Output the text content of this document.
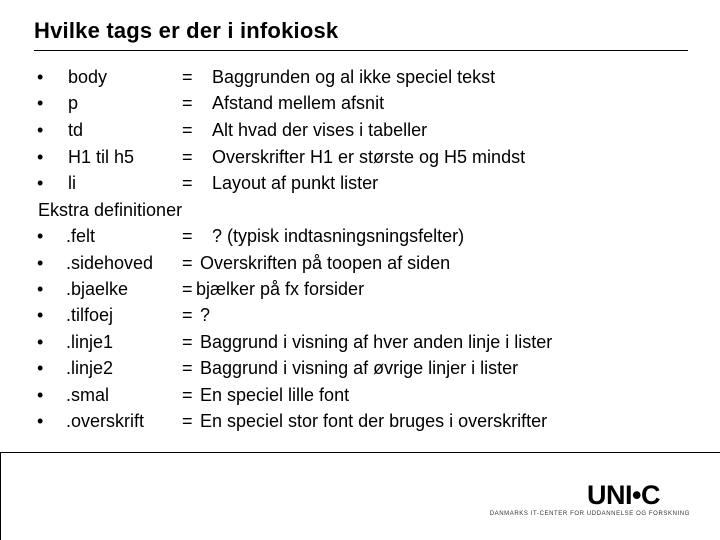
Hvilke tags er der i infokiosk
• body	= Baggrunden og al ikke speciel tekst
• p	= Afstand mellem afsnit
• td	= Alt hvad der vises i tabeller
• H1 til h5	= Overskrifter H1 er største og H5 mindst
• li	= Layout af punkt lister
Ekstra definitioner
• .felt	= ? (typisk indtasningsningsfelter)
• .sidehoved = Overskriften på toopen af siden
• .bjaelke	= bjælker på fx forsider
• .tilfoej	= ?
• .linje1	= Baggrund i visning af hver anden linje i lister
• .linje2	= Baggrund i visning af øvrige linjer i lister
• .smal	= En speciel lille font
• .overskrift = En speciel stor font der bruges i overskrifter
UNI•C
DANMARKS IT-CENTER FOR UDDANNELSE OG FORSKNING
